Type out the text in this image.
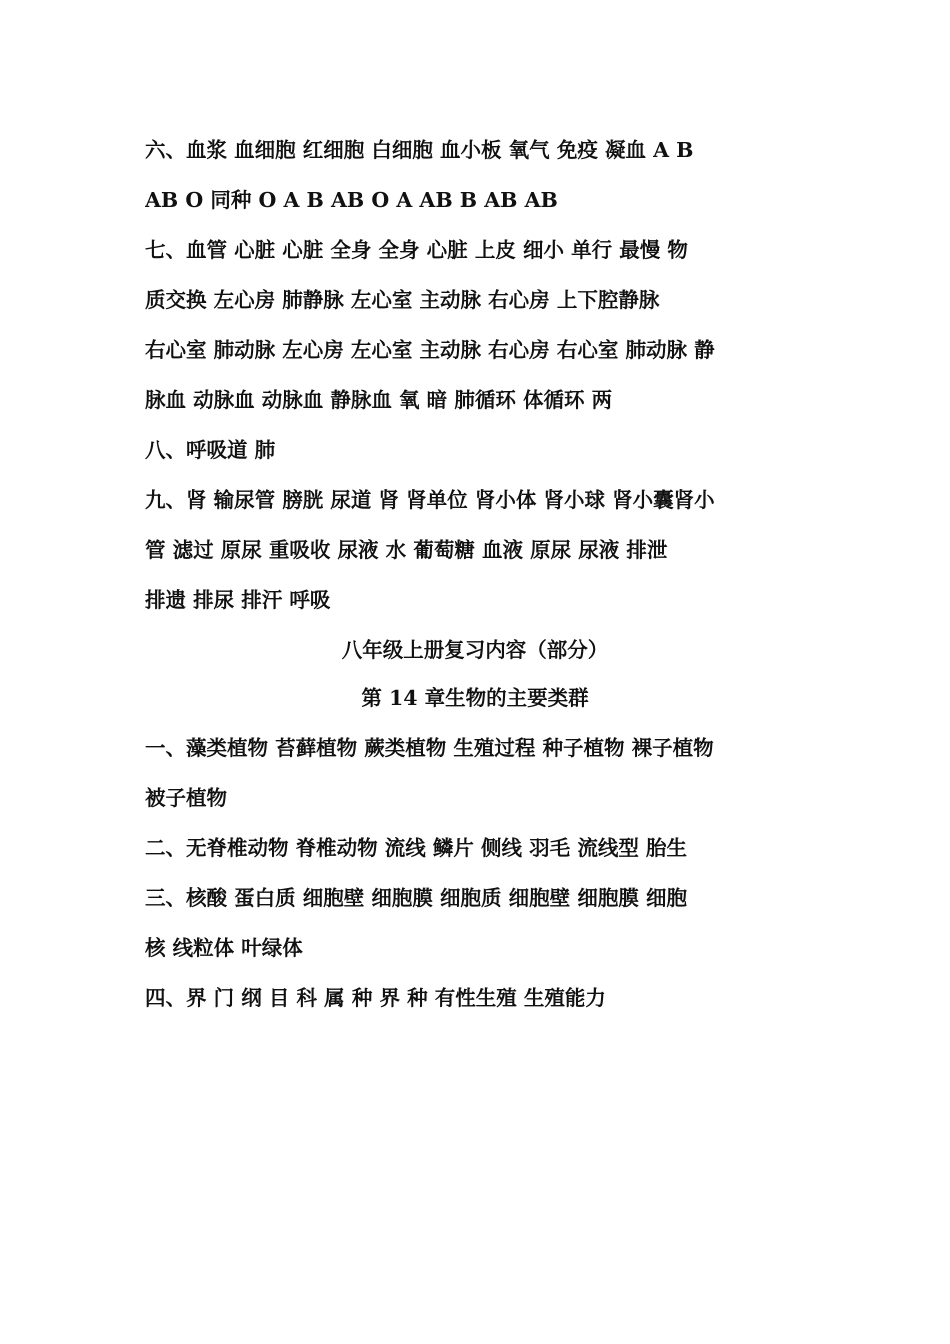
六、血浆 血细胞 红细胞 白细胞 血小板 氧气 免疫 凝血 A B
AB O 同种 O A B AB O A AB B AB AB
七、血管 心脏 心脏 全身 全身 心脏 上皮 细小 单行 最慢 物
质交换 左心房 肺静脉 左心室 主动脉 右心房 上下腔静脉
右心室 肺动脉 左心房 左心室 主动脉 右心房 右心室 肺动脉 静
脉血 动脉血 动脉血 静脉血 氧 暗 肺循环 体循环 两
八、呼吸道 肺
九、肾 输尿管 膀胱 尿道 肾 肾单位 肾小体 肾小球 肾小囊肾小
管 滤过 原尿 重吸收 尿液 水 葡萄糖 血液 原尿 尿液 排泄
排遗 排尿 排汗 呼吸
八年级上册复习内容（部分）
第 14 章生物的主要类群
一、藻类植物 苔藓植物 蕨类植物 生殖过程 种子植物 裸子植物
被子植物
二、无脊椎动物 脊椎动物 流线 鳞片 侧线 羽毛 流线型 胎生
三、核酸 蛋白质 细胞壁 细胞膜 细胞质 细胞壁 细胞膜 细胞
核 线粒体 叶绿体
四、界 门 纲 目 科 属 种 界 种 有性生殖 生殖能力
